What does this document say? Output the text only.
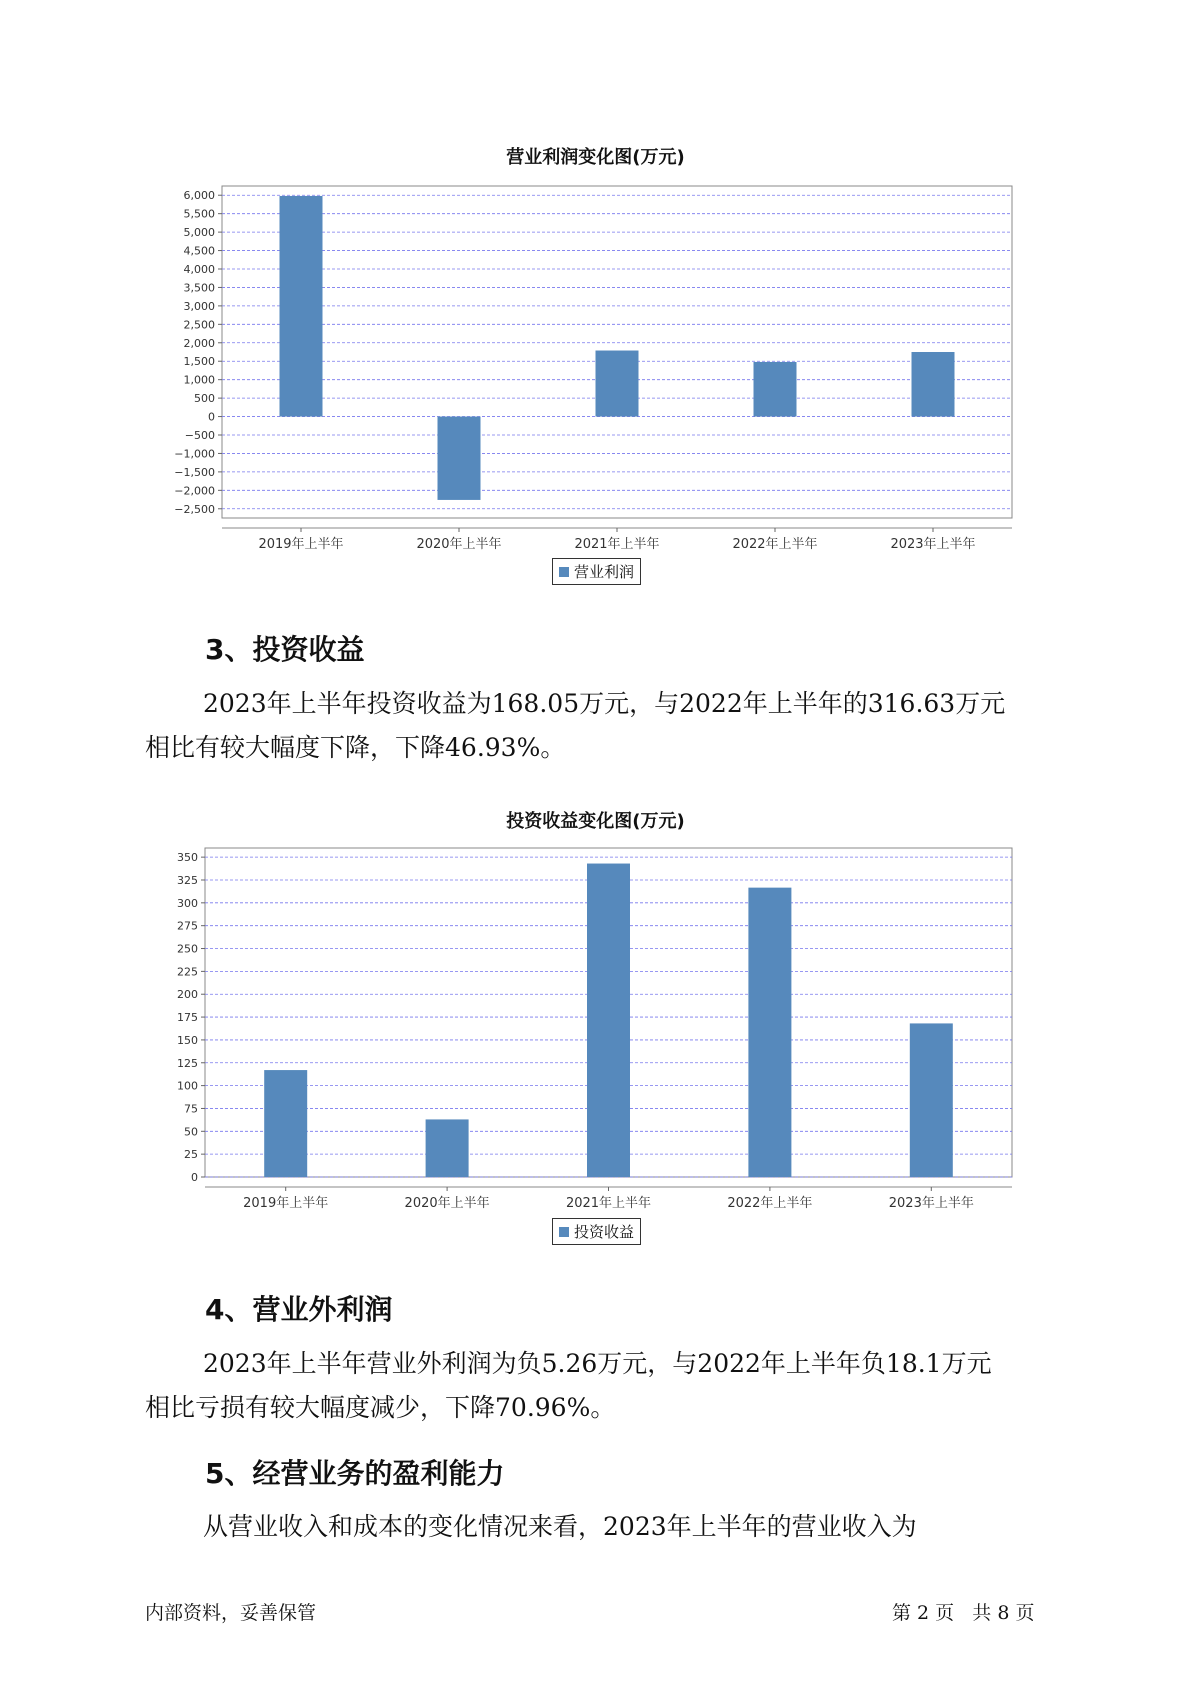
营业利润变化图(万元)
6,000
5,500
5,000
4,500
4,000
3,500
3,000
2,500
2,000
1,500
1,000
500
0
−500
−1,000
−1,500
−2,000
−2,500
2019年上半年	2020年上半年	2021年上半年	2022年上半年	2023年上半年
营业利润
3、投资收益
2023年上半年投资收益为168.05万元，与2022年上半年的316.63万元
相比有较大幅度下降，下降46.93%。
投资收益变化图(万元)
350
325
300
275
250
225
200
175
150
125
100
75
50
25
0
2019年上半年	2020年上半年	2021年上半年	2022年上半年	2023年上半年
投资收益
4、营业外利润
2023年上半年营业外利润为负5.26万元，与2022年上半年负18.1万元
相比亏损有较大幅度减少，下降70.96%。
5、经营业务的盈利能力
从营业收入和成本的变化情况来看，2023年上半年的营业收入为
内部资料，妥善保管	第 2 页   共 8 页
